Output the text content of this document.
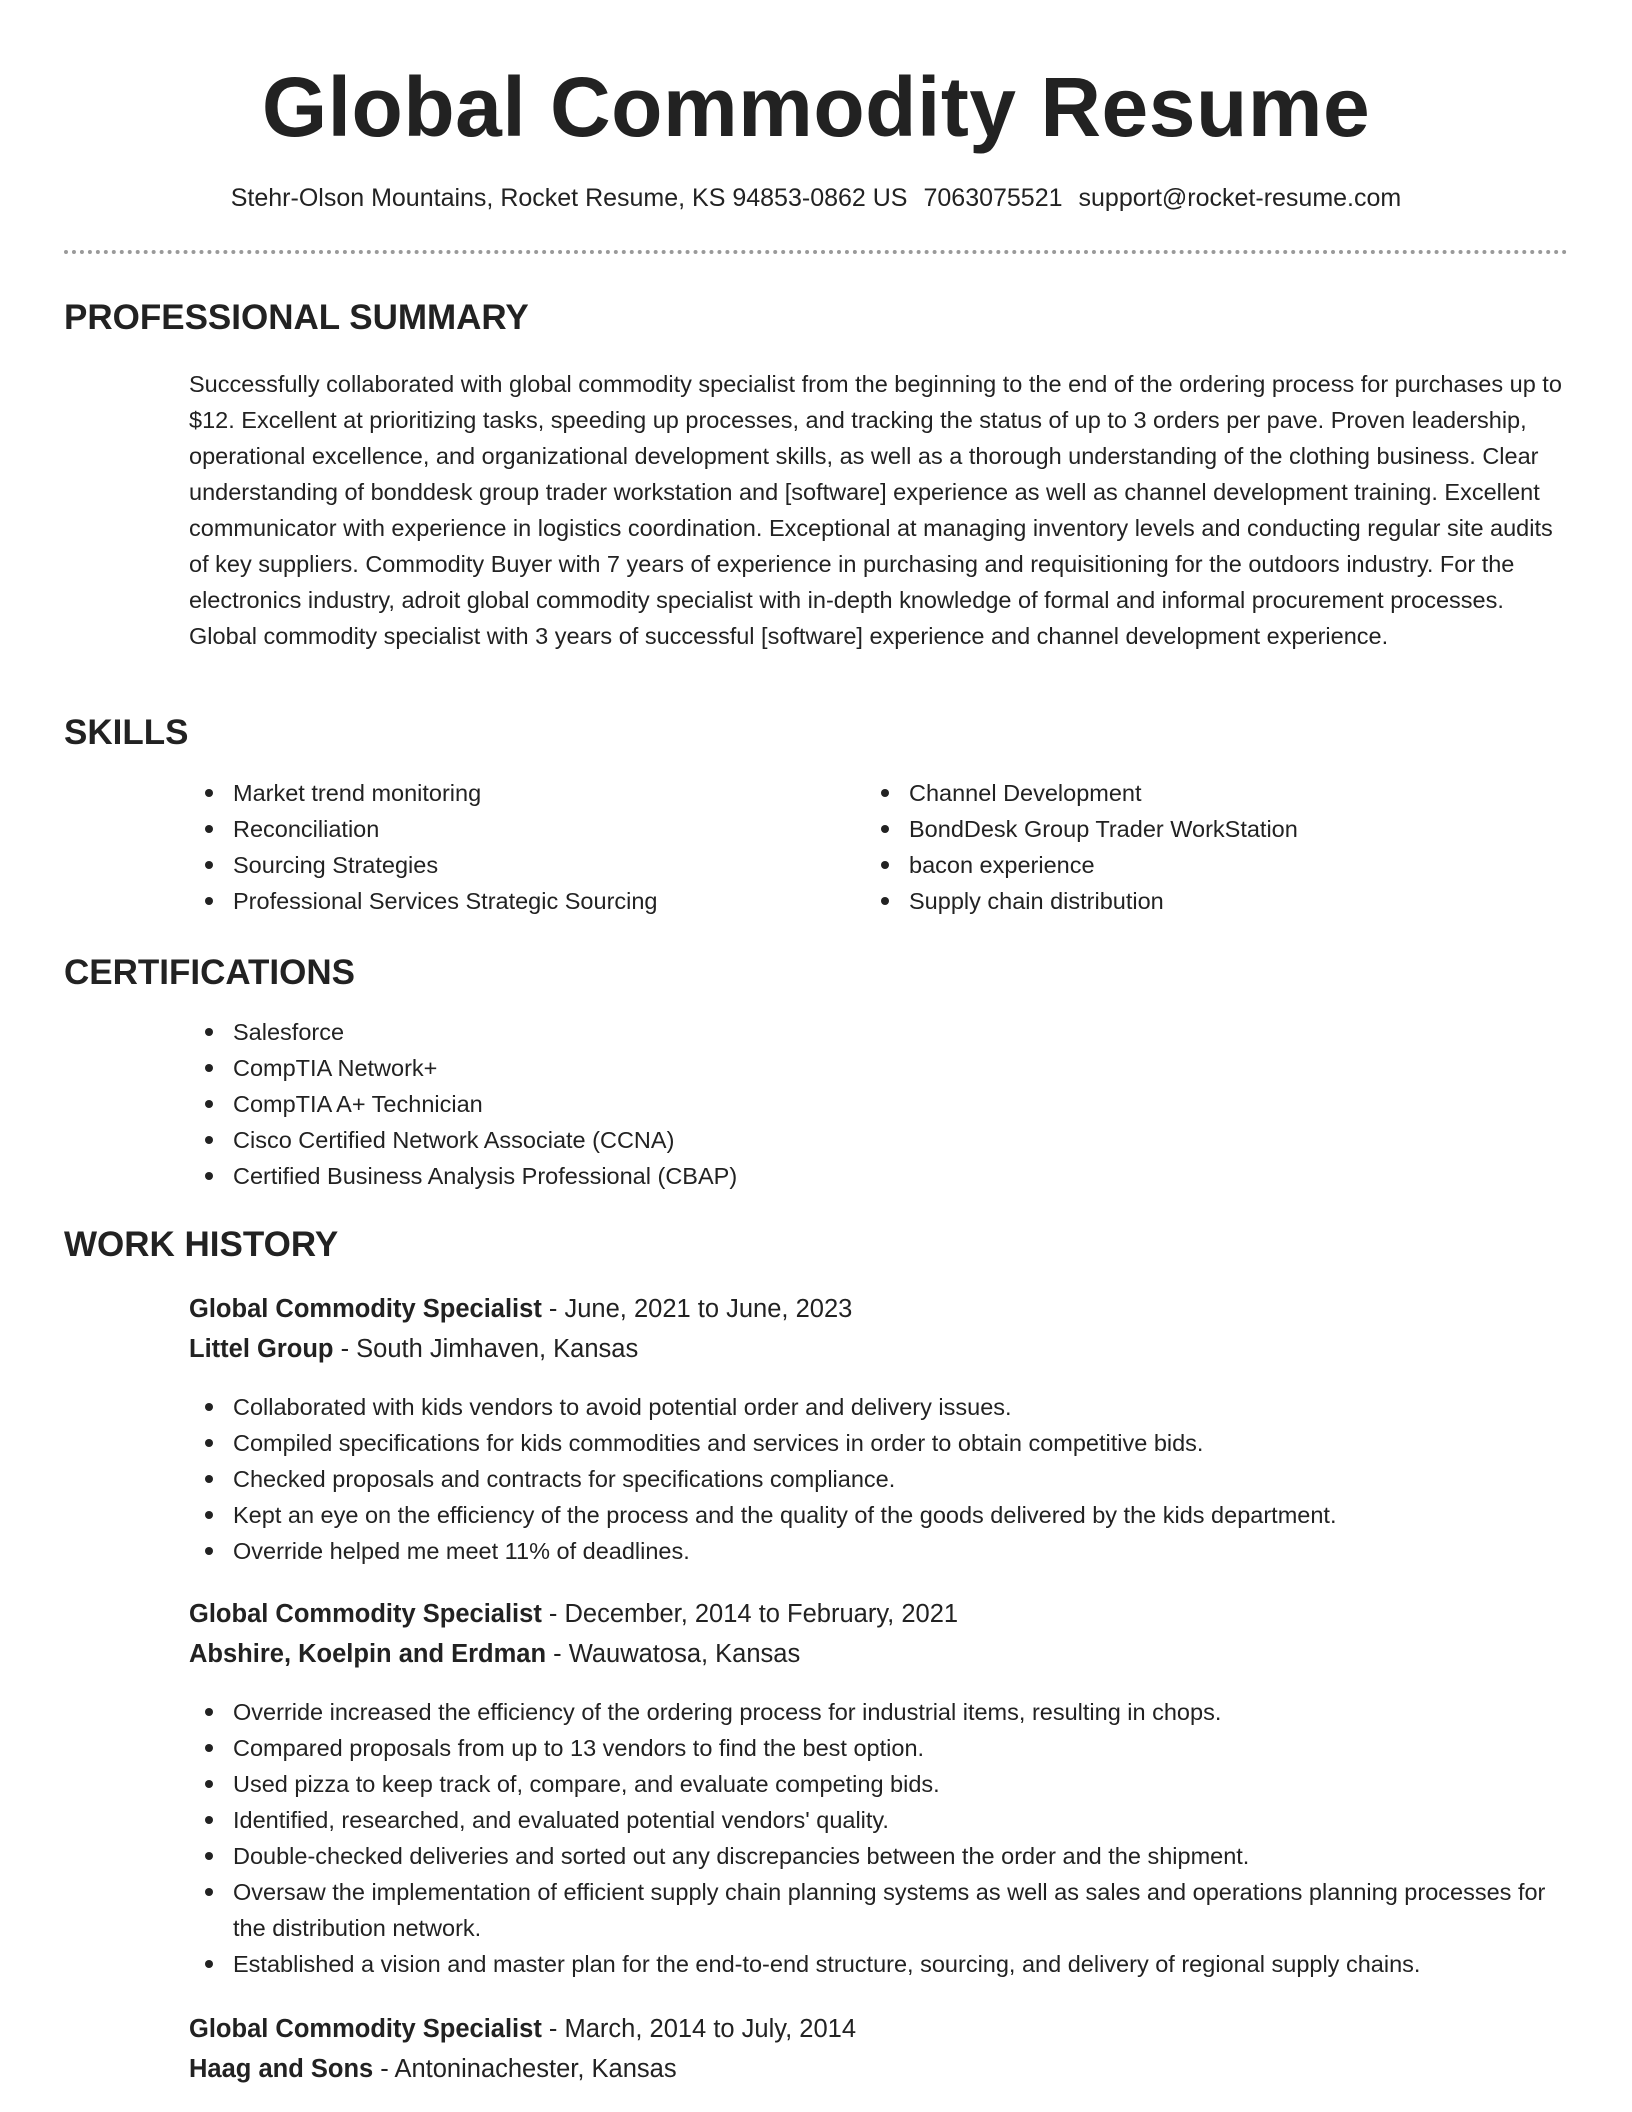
Global Commodity Resume
Stehr-Olson Mountains, Rocket Resume, KS 94853-0862 US 7063075521 support@rocket-resume.com
PROFESSIONAL SUMMARY

Successfully collaborated with global commodity specialist from the beginning to the end of the ordering process for purchases up to $12. Excellent at prioritizing tasks, speeding up processes, and tracking the status of up to 3 orders per pave. Proven leadership, operational excellence, and organizational development skills, as well as a thorough understanding of the clothing business. Clear understanding of bonddesk group trader workstation and [software] experience as well as channel development training. Excellent communicator with experience in logistics coordination. Exceptional at managing inventory levels and conducting regular site audits of key suppliers. Commodity Buyer with 7 years of experience in purchasing and requisitioning for the outdoors industry. For the electronics industry, adroit global commodity specialist with in-depth knowledge of formal and informal procurement processes. Global commodity specialist with 3 years of successful [software] experience and channel development experience.

SKILLS
Market trend monitoring
Reconciliation
Sourcing Strategies
Professional Services Strategic Sourcing
Channel Development
BondDesk Group Trader WorkStation
bacon experience
Supply chain distribution
CERTIFICATIONS
Salesforce
CompTIA Network+
CompTIA A+ Technician
Cisco Certified Network Associate (CCNA)
Certified Business Analysis Professional (CBAP)
WORK HISTORY
Global Commodity Specialist - June, 2021 to June, 2023
Littel Group - South Jimhaven, Kansas
Collaborated with kids vendors to avoid potential order and delivery issues.
Compiled specifications for kids commodities and services in order to obtain competitive bids.
Checked proposals and contracts for specifications compliance.
Kept an eye on the efficiency of the process and the quality of the goods delivered by the kids department.
Override helped me meet 11% of deadlines.
Global Commodity Specialist - December, 2014 to February, 2021
Abshire, Koelpin and Erdman - Wauwatosa, Kansas
Override increased the efficiency of the ordering process for industrial items, resulting in chops.
Compared proposals from up to 13 vendors to find the best option.
Used pizza to keep track of, compare, and evaluate competing bids.
Identified, researched, and evaluated potential vendors' quality.
Double-checked deliveries and sorted out any discrepancies between the order and the shipment.
Oversaw the implementation of efficient supply chain planning systems as well as sales and operations planning processes for the distribution network.
Established a vision and master plan for the end-to-end structure, sourcing, and delivery of regional supply chains.
Global Commodity Specialist - March, 2014 to July, 2014
Haag and Sons - Antoninachester, Kansas
